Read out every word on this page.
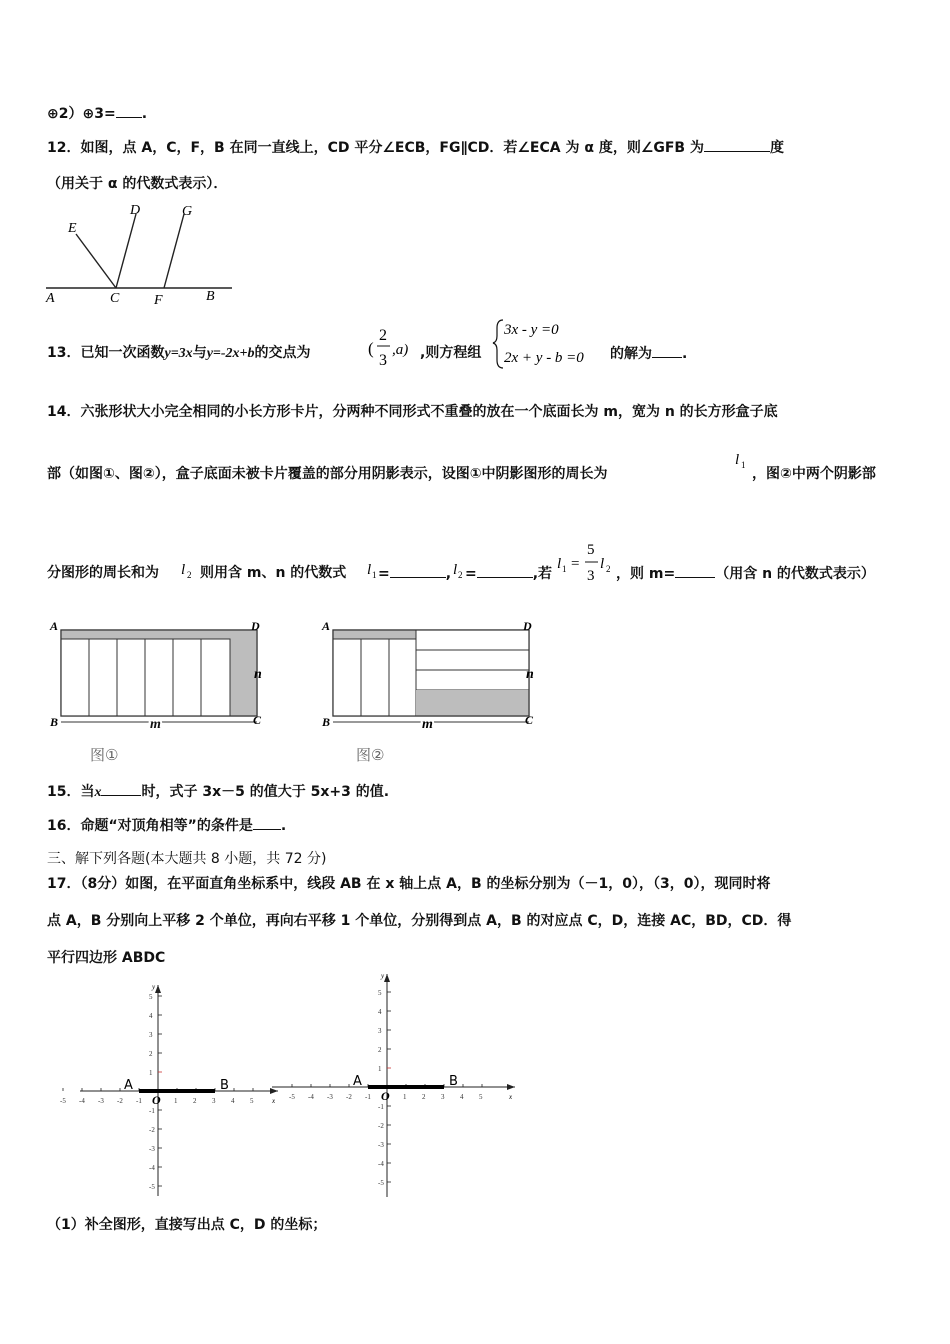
⊕2）⊕3= .
12．如图，点 A，C，F，B 在同一直线上，CD 平分∠ECB，FG∥CD．若∠ECA 为 α 度，则∠GFB 为	度
（用关于 α 的代数式表示）．
E
D	G
A	C F	B
13．已知一次函数y=3x与y=-2x+b的交点为	(
2
3
,a) ,则方程组
3x - y =0
2x + y - b =0 的解为 .
14．六张形状大小完全相同的小长方形卡片，分两种不同形式不重叠的放在一个底面长为 m，宽为 n 的长方形盒子底
部（如图①、图②），盒子底面未被卡片覆盖的部分用阴影表示，设图①中阴影图形的周长为
l 1
，图②中两个阴影部
分图形的周长和为 l 2 则用含 m、n 的代数式 l 1 =	, l 2 =	,若
l 1 =
5
3
l 2 ，则 m=	（用含 n 的代数式表示）
A	D
B	C
n
m
图①
A	D
B	C
n
m
图②
15．当x	时，式子 3x－5 的值大于 5x+3 的值.
16．命题“对顶角相等”的条件是 .
三、解下列各题(本大题共 8 小题，共 72 分)
17．（8分）如图，在平面直角坐标系中，线段 AB 在 x 轴上点 A，B 的坐标分别为（－1，0），（3，0），现同时将
点 A，B 分别向上平移 2 个单位，再向右平移 1 个单位，分别得到点 A，B 的对应点 C，D，连接 AC，BD，CD．得
平行四边形 ABDC
-5 -4 -3 -2 -1	1 2 3 4 5
5
4
3
2
1
-1
-2
-3
-4
-5
x
y
O
A	B
-5 -4 -3 -2 -1	1 2 3 4 5
5
4
3
2
1
-1
-2
-3
-4
-5
x
y
O
A	B
（1）补全图形，直接写出点 C，D 的坐标；
